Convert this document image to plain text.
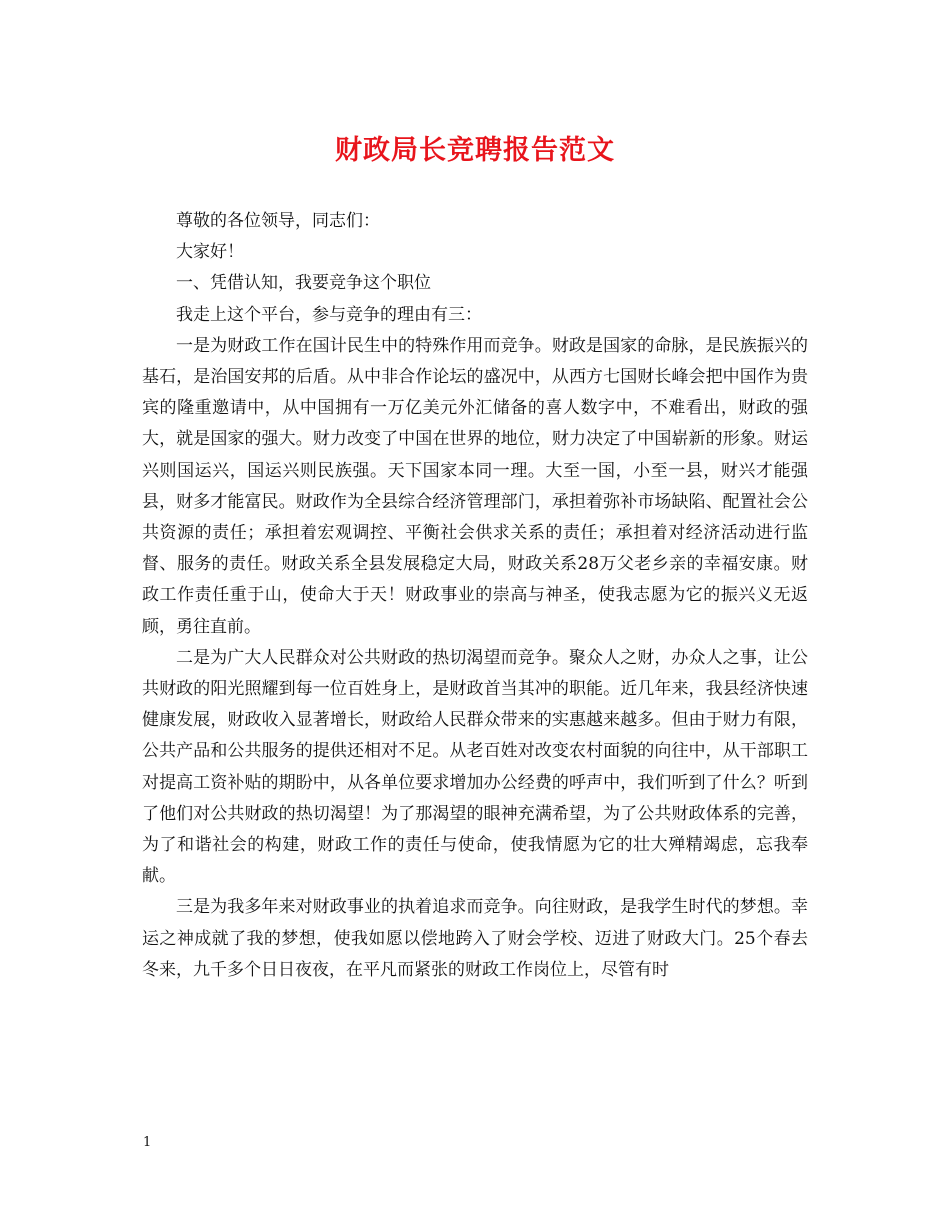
财政局长竞聘报告范文

尊敬的各位领导，同志们：

大家好！

一、凭借认知，我要竞争这个职位

我走上这个平台，参与竞争的理由有三：

一是为财政工作在国计民生中的特殊作用而竞争。财政是国家的命脉，是民族振兴的基石，是治国安邦的后盾。从中非合作论坛的盛况中，从西方七国财长峰会把中国作为贵宾的隆重邀请中，从中国拥有一万亿美元外汇储备的喜人数字中，不难看出，财政的强大，就是国家的强大。财力改变了中国在世界的地位，财力决定了中国崭新的形象。财运兴则国运兴，国运兴则民族强。天下国家本同一理。大至一国，小至一县，财兴才能强县，财多才能富民。财政作为全县综合经济管理部门，承担着弥补市场缺陷、配置社会公共资源的责任；承担着宏观调控、平衡社会供求关系的责任；承担着对经济活动进行监督、服务的责任。财政关系全县发展稳定大局，财政关系28万父老乡亲的幸福安康。财政工作责任重于山，使命大于天！财政事业的崇高与神圣，使我志愿为它的振兴义无返顾，勇往直前。

二是为广大人民群众对公共财政的热切渴望而竞争。聚众人之财，办众人之事，让公共财政的阳光照耀到每一位百姓身上，是财政首当其冲的职能。近几年来，我县经济快速健康发展，财政收入显著增长，财政给人民群众带来的实惠越来越多。但由于财力有限，公共产品和公共服务的提供还相对不足。从老百姓对改变农村面貌的向往中，从干部职工对提高工资补贴的期盼中，从各单位要求增加办公经费的呼声中，我们听到了什么？听到了他们对公共财政的热切渴望！为了那渴望的眼神充满希望，为了公共财政体系的完善，为了和谐社会的构建，财政工作的责任与使命，使我情愿为它的壮大殚精竭虑，忘我奉献。

三是为我多年来对财政事业的执着追求而竞争。向往财政，是我学生时代的梦想。幸运之神成就了我的梦想，使我如愿以偿地跨入了财会学校、迈进了财政大门。25个春去冬来，九千多个日日夜夜，在平凡而紧张的财政工作岗位上，尽管有时

1
